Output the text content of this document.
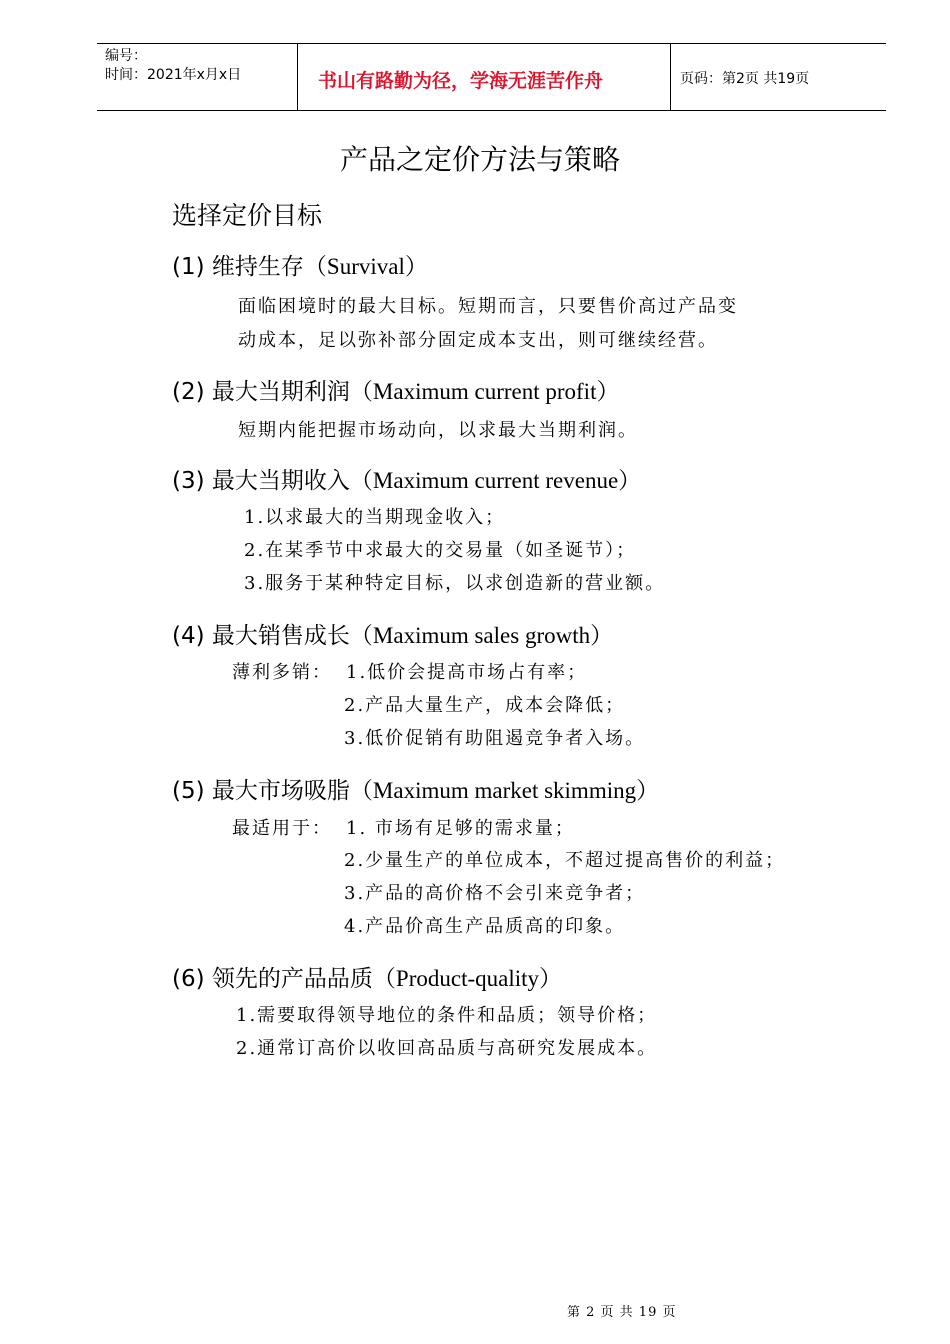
编号：
时间：2021年x月x日	书山有路勤为径，学海无涯苦作舟	页码：第2页 共19页
产品之定价方法与策略
选择定价目标
(1) 维持生存（Survival）
面临困境时的最大目标。短期而言，只要售价高过产品变
动成本，足以弥补部分固定成本支出，则可继续经营。
(2) 最大当期利润（Maximum current profit）
短期内能把握市场动向，以求最大当期利润。
(3) 最大当期收入（Maximum current revenue）
1.以求最大的当期现金收入；
2.在某季节中求最大的交易量（如圣诞节）；
3.服务于某种特定目标，以求创造新的营业额。
(4) 最大销售成长（Maximum sales growth）
薄利多销： 1.低价会提高市场占有率；
2.产品大量生产，成本会降低；
3.低价促销有助阻遏竞争者入场。
(5) 最大市场吸脂（Maximum market skimming）
最适用于： 1. 市场有足够的需求量；
2.少量生产的单位成本，不超过提高售价的利益；
3.产品的高价格不会引来竞争者；
4.产品价高生产品质高的印象。
(6) 领先的产品品质（Product-quality）
1.需要取得领导地位的条件和品质；领导价格；
2.通常订高价以收回高品质与高研究发展成本。
第 2 页 共 19 页
